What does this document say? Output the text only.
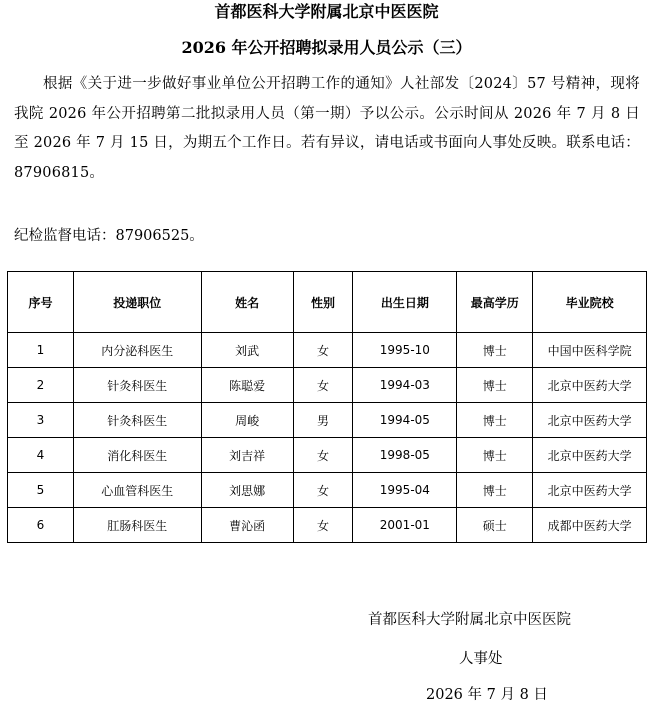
首都医科大学附属北京中医医院
2026 年公开招聘拟录用人员公示（三）
根据《关于进一步做好事业单位公开招聘工作的通知》人社部发〔2024〕57 号精神，现将我院 2026 年公开招聘第二批拟录用人员（第一期）予以公示。公示时间从 2026 年 7 月 8 日至 2026 年 7 月 15 日，为期五个工作日。若有异议，请电话或书面向人事处反映。联系电话：87906815。
纪检监督电话：87906525。
序号	投递职位	姓名	性别	出生日期	最高学历	毕业院校
1	内分泌科医生	刘武	女	1995-10	博士	中国中医科学院
2	针灸科医生	陈聪爱	女	1994-03	博士	北京中医药大学
3	针灸科医生	周峻	男	1994-05	博士	北京中医药大学
4	消化科医生	刘吉祥	女	1998-05	博士	北京中医药大学
5	心血管科医生	刘思娜	女	1995-04	博士	北京中医药大学
6	肛肠科医生	曹沁函	女	2001-01	硕士	成都中医药大学
首都医科大学附属北京中医医院
人事处
2026 年 7 月 8 日
